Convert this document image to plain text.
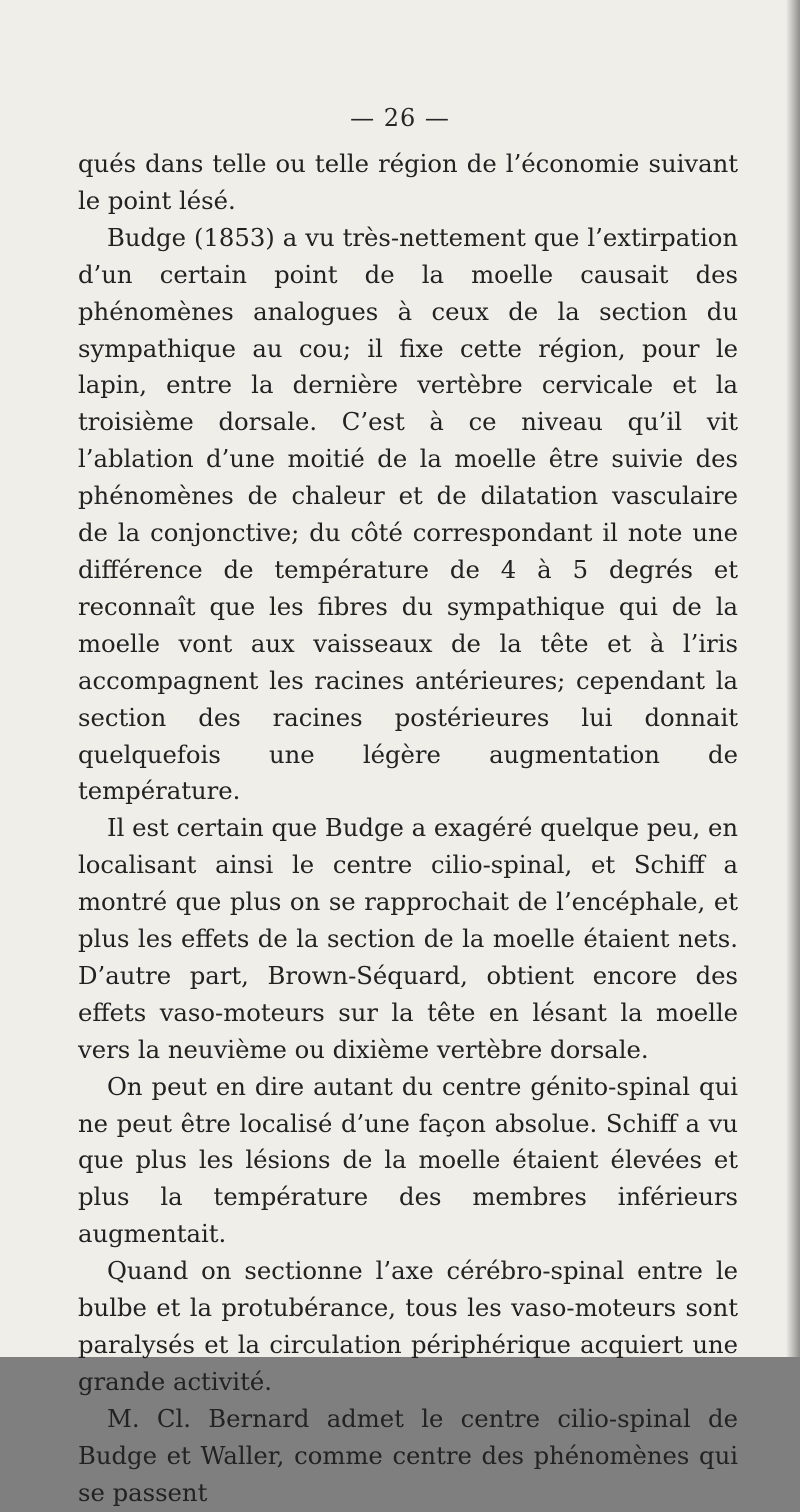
— 26 —

qués dans telle ou telle région de l’économie suivant le point lésé.

Budge (1853) a vu très-nettement que l’extirpation d’un certain point de la moelle causait des phénomènes analogues à ceux de la section du sympathique au cou; il fixe cette région, pour le lapin, entre la dernière vertèbre cervicale et la troisième dorsale. C’est à ce niveau qu’il vit l’ablation d’une moitié de la moelle être suivie des phénomènes de chaleur et de dilatation vasculaire de la conjonctive; du côté correspondant il note une différence de température de 4 à 5 degrés et reconnaît que les fibres du sympathique qui de la moelle vont aux vaisseaux de la tête et à l’iris accompagnent les racines antérieures; cependant la section des racines postérieures lui donnait quelquefois une légère augmentation de température.

Il est certain que Budge a exagéré quelque peu, en localisant ainsi le centre cilio-spinal, et Schiff a montré que plus on se rapprochait de l’encéphale, et plus les effets de la section de la moelle étaient nets. D’autre part, Brown-Séquard, obtient encore des effets vaso-moteurs sur la tête en lésant la moelle vers la neuvième ou dixième vertèbre dorsale.

On peut en dire autant du centre génito-spinal qui ne peut être localisé d’une façon absolue. Schiff a vu que plus les lésions de la moelle étaient élevées et plus la température des membres inférieurs augmentait.

Quand on sectionne l’axe cérébro-spinal entre le bulbe et la protubérance, tous les vaso-moteurs sont paralysés et la circulation périphérique acquiert une grande activité.

M. Cl. Bernard admet le centre cilio-spinal de Budge et Waller, comme centre des phénomènes qui se passent
